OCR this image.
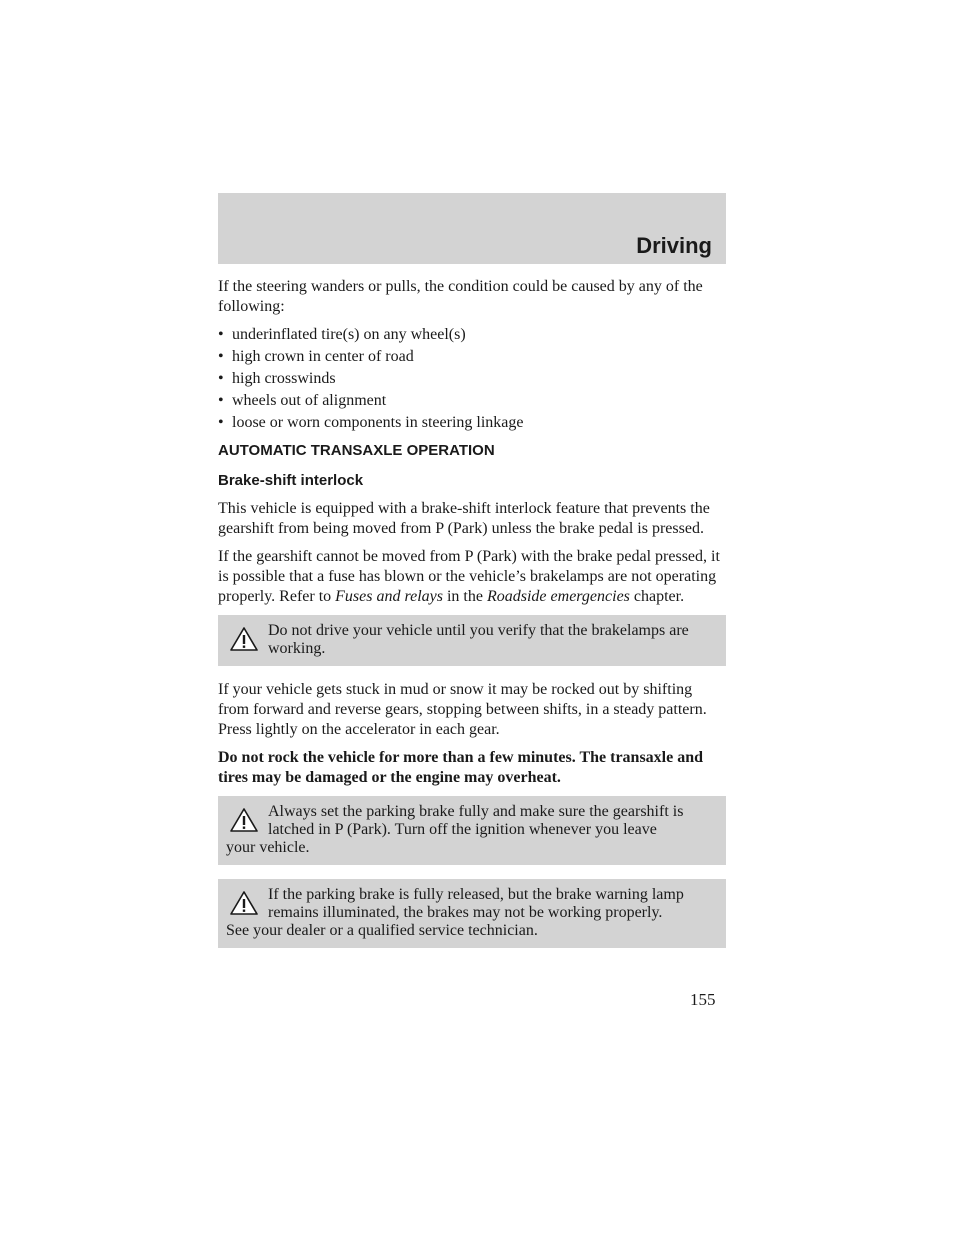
Driving

If the steering wanders or pulls, the condition could be caused by any of the following:

• underinflated tire(s) on any wheel(s)
• high crown in center of road
• high crosswinds
• wheels out of alignment
• loose or worn components in steering linkage
AUTOMATIC TRANSAXLE OPERATION
Brake-shift interlock

This vehicle is equipped with a brake-shift interlock feature that prevents the gearshift from being moved from P (Park) unless the brake pedal is pressed.

If the gearshift cannot be moved from P (Park) with the brake pedal pressed, it is possible that a fuse has blown or the vehicle’s brakelamps are not operating properly. Refer to Fuses and relays in the Roadside emergencies chapter.

Do not drive your vehicle until you verify that the brakelamps are working.

If your vehicle gets stuck in mud or snow it may be rocked out by shifting from forward and reverse gears, stopping between shifts, in a steady pattern. Press lightly on the accelerator in each gear.

Do not rock the vehicle for more than a few minutes. The transaxle and tires may be damaged or the engine may overheat.

Always set the parking brake fully and make sure the gearshift is latched in P (Park). Turn off the ignition whenever you leave
your vehicle.
If the parking brake is fully released, but the brake warning lamp remains illuminated, the brakes may not be working properly.
See your dealer or a qualified service technician.
155
